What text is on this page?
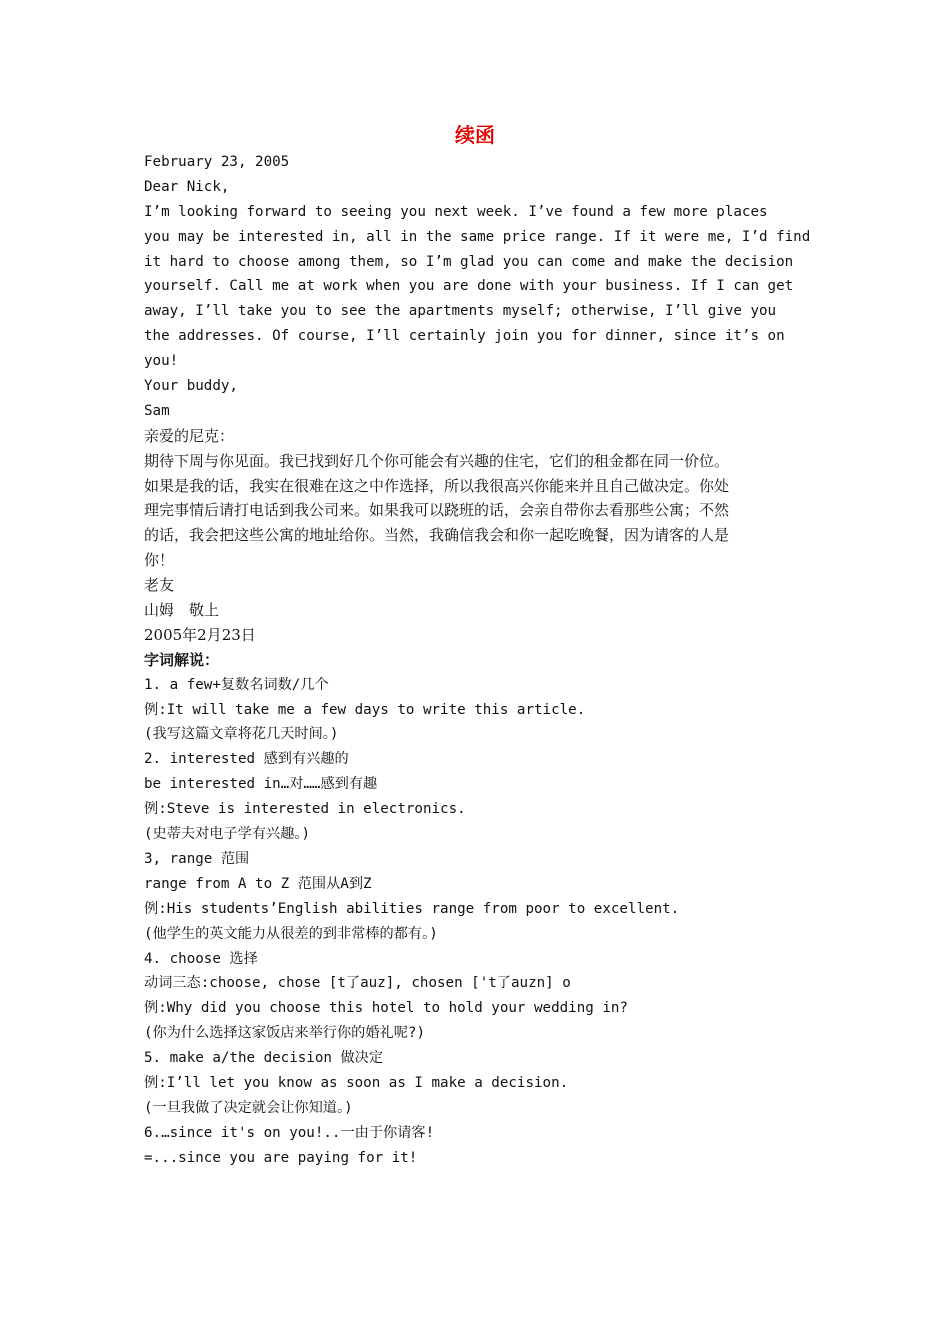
续函
February 23, 2005
Dear Nick,
I’m looking forward to seeing you next week. I’ve found a few more places
you may be interested in, all in the same price range. If it were me, I’d find
it hard to choose among them, so I’m glad you can come and make the decision
yourself. Call me at work when you are done with your business. If I can get
away, I’ll take you to see the apartments myself; otherwise, I’ll give you
the addresses. Of course, I’ll certainly join you for dinner, since it’s on
you!
Your buddy,
Sam
亲爱的尼克：
期待下周与你见面。我已找到好几个你可能会有兴趣的住宅，它们的租金都在同一价位。
如果是我的话，我实在很难在这之中作选择，所以我很高兴你能来并且自己做决定。你处
理完事情后请打电话到我公司来。如果我可以跷班的话，会亲自带你去看那些公寓；不然
的话，我会把这些公寓的地址给你。当然，我确信我会和你一起吃晚餐，因为请客的人是
你！
老友
山姆　敬上
2005年2月23日
字词解说：
1. a few+复数名词数/几个
例:It will take me a few days to write this article.
(我写这篇文章将花几天时间。)
2. interested 感到有兴趣的
be interested in…对……感到有趣
例:Steve is interested in electronics.
(史蒂夫对电子学有兴趣。)
3, range 范围
range from A to Z 范围从A到Z
例:His students’English abilities range from poor to excellent.
(他学生的英文能力从很差的到非常棒的都有。)
4. choose 选择
动词三态:choose, chose [t了auz], chosen ['t了auzn] o
例:Why did you choose this hotel to hold your wedding in?
(你为什么选择这家饭店来举行你的婚礼呢?)
5. make a/the decision 做决定
例:I’ll let you know as soon as I make a decision.
(一旦我做了决定就会让你知道。)
6.…since it's on you!..一由于你请客!
=...since you are paying for it!
